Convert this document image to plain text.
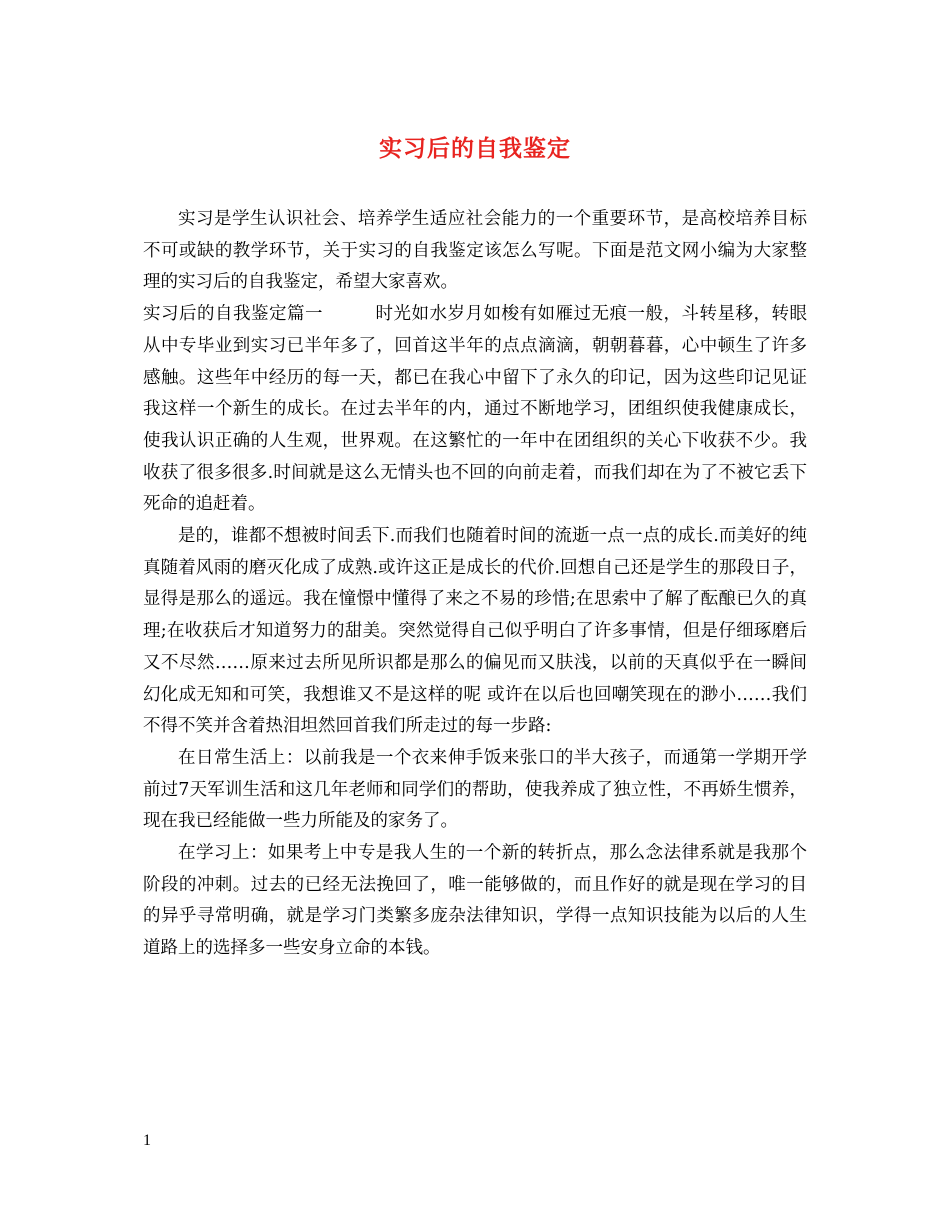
实习后的自我鉴定

实习是学生认识社会、培养学生适应社会能力的一个重要环节，是高校培养目标不可或缺的教学环节，关于实习的自我鉴定该怎么写呢。下面是范文网小编为大家整理的实习后的自我鉴定，希望大家喜欢。

实习后的自我鉴定篇一	时光如水岁月如梭有如雁过无痕一般，斗转星移，转眼从中专毕业到实习已半年多了，回首这半年的点点滴滴，朝朝暮暮，心中顿生了许多感触。这些年中经历的每一天，都已在我心中留下了永久的印记，因为这些印记见证我这样一个新生的成长。在过去半年的内，通过不断地学习，团组织使我健康成长，使我认识正确的人生观，世界观。在这繁忙的一年中在团组织的关心下收获不少。我收获了很多很多.时间就是这么无情头也不回的向前走着，而我们却在为了不被它丢下死命的追赶着。

是的，谁都不想被时间丢下.而我们也随着时间的流逝一点一点的成长.而美好的纯真随着风雨的磨灭化成了成熟.或许这正是成长的代价.回想自己还是学生的那段日子，显得是那么的遥远。我在憧憬中懂得了来之不易的珍惜;在思索中了解了酝酿已久的真理;在收获后才知道努力的甜美。突然觉得自己似乎明白了许多事情，但是仔细琢磨后又不尽然……原来过去所见所识都是那么的偏见而又肤浅，以前的天真似乎在一瞬间幻化成无知和可笑，我想谁又不是这样的呢 或许在以后也回嘲笑现在的渺小……我们不得不笑并含着热泪坦然回首我们所走过的每一步路:

在日常生活上：以前我是一个衣来伸手饭来张口的半大孩子，而通第一学期开学前过7天军训生活和这几年老师和同学们的帮助，使我养成了独立性，不再娇生惯养，现在我已经能做一些力所能及的家务了。

在学习上：如果考上中专是我人生的一个新的转折点，那么念法律系就是我那个阶段的冲刺。过去的已经无法挽回了，唯一能够做的，而且作好的就是现在学习的目的异乎寻常明确，就是学习门类繁多庞杂法律知识，学得一点知识技能为以后的人生道路上的选择多一些安身立命的本钱。

1
